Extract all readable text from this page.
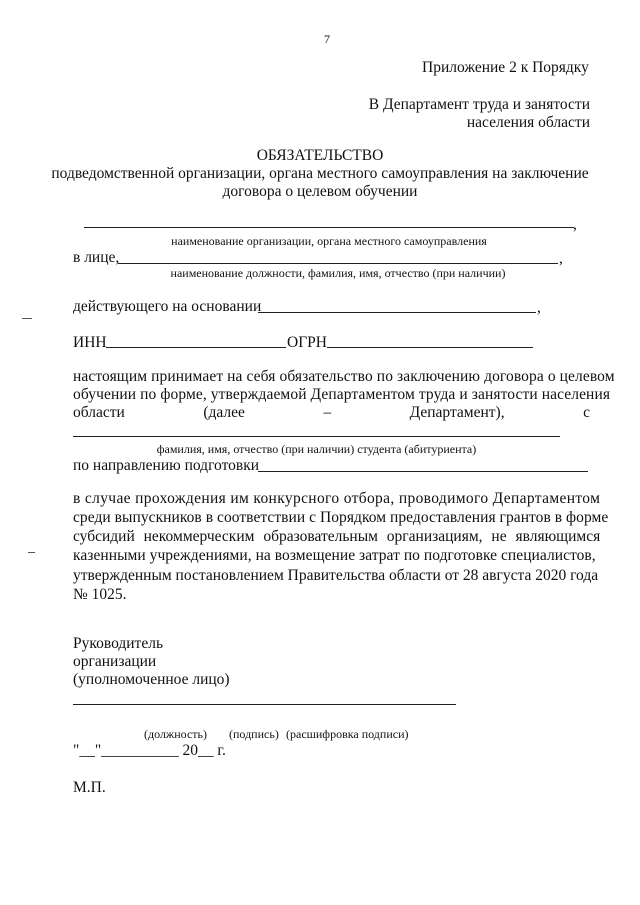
7
Приложение 2 к Порядку
В Департамент труда и занятости
населения области
ОБЯЗАТЕЛЬСТВО
подведомственной организации, органа местного самоуправления на заключение
договора о целевом обучении
,
наименование организации, органа местного самоуправления
в лице,	,
наименование должности, фамилия, имя, отчество (при наличии)
действующего на основании	,
ИНН	ОГРН
настоящим принимает на себя обязательство по заключению договора о целевом
обучении по форме, утверждаемой Департаментом труда и занятости населения
области	(далее	–	Департамент),	с
фамилия, имя, отчество (при наличии) студента (абитуриента)
по направлению подготовки
в случае прохождения им конкурсного отбора, проводимого Департаментом
среди выпускников в соответствии с Порядком предоставления грантов в форме
субсидий некоммерческим образовательным организациям, не являющимся
казенными учреждениями, на возмещение затрат по подготовке специалистов,
утвержденным постановлением Правительства области от 28 августа 2020 года
№ 1025.
Руководитель
организации
(уполномоченное лицо)
(должность) (подпись) (расшифровка подписи)
"__"__________ 20__ г.
М.П.
